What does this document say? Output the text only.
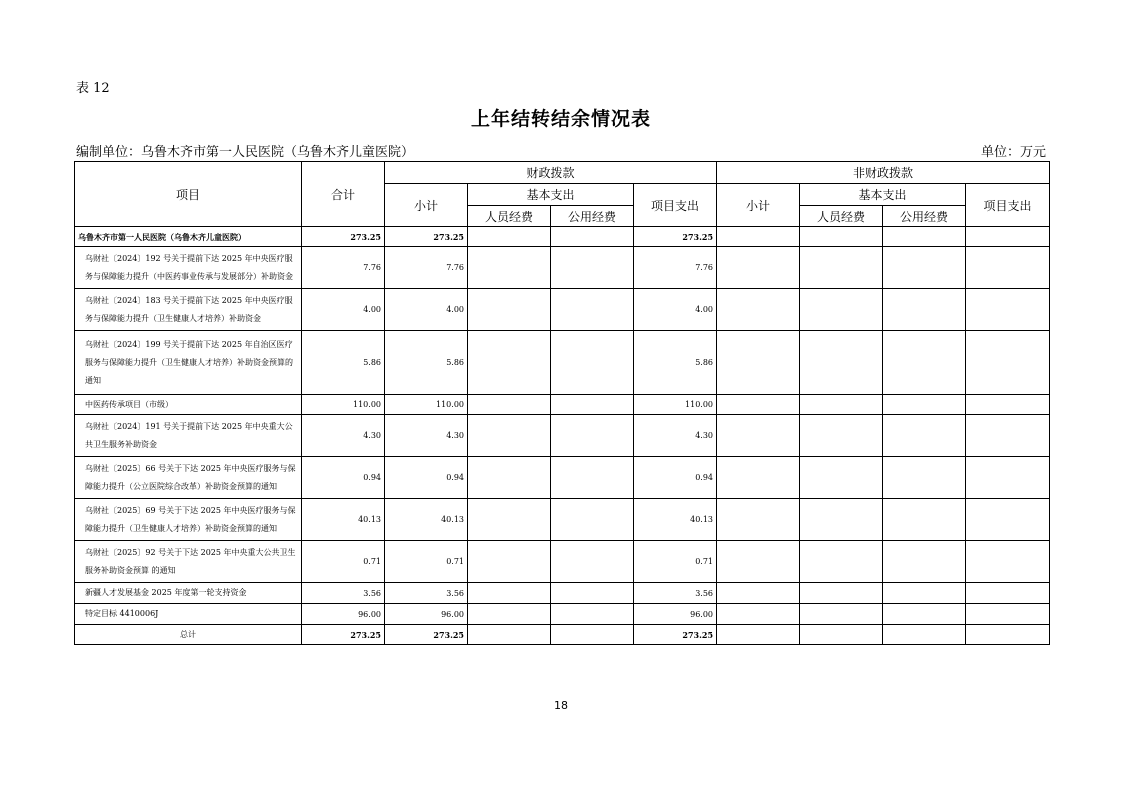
表 12
上年结转结余情况表
编制单位：乌鲁木齐市第一人民医院（乌鲁木齐儿童医院）	单位：万元
项目	合计	财政拨款				非财政拨款			
		小计	基本支出		项目支出	小计	基本支出		项目支出
			人员经费	公用经费			人员经费	公用经费	
乌鲁木齐市第一人民医院（乌鲁木齐儿童医院）	273.25	273.25			273.25				
乌财社〔2024〕192 号关于提前下达 2025 年中央医疗服务与保障能力提升（中医药事业传承与发展部分）补助资金	7.76	7.76			7.76				
乌财社〔2024〕183 号关于提前下达 2025 年中央医疗服务与保障能力提升（卫生健康人才培养）补助资金	4.00	4.00			4.00				
乌财社〔2024〕199 号关于提前下达 2025 年自治区医疗服务与保障能力提升（卫生健康人才培养）补助资金预算的通知	5.86	5.86			5.86				
中医药传承项目（市级）	110.00	110.00			110.00				
乌财社〔2024〕191 号关于提前下达 2025 年中央重大公共卫生服务补助资金	4.30	4.30			4.30				
乌财社〔2025〕66 号关于下达 2025 年中央医疗服务与保障能力提升（公立医院综合改革）补助资金预算的通知	0.94	0.94			0.94				
乌财社〔2025〕69 号关于下达 2025 年中央医疗服务与保障能力提升（卫生健康人才培养）补助资金预算的通知	40.13	40.13			40.13				
乌财社〔2025〕92 号关于下达 2025 年中央重大公共卫生服务补助资金预算 的通知	0.71	0.71			0.71				
新疆人才发展基金 2025 年度第一轮支持资金	3.56	3.56			3.56				
特定目标 4410006J	96.00	96.00			96.00				
总计	273.25	273.25			273.25				
18
